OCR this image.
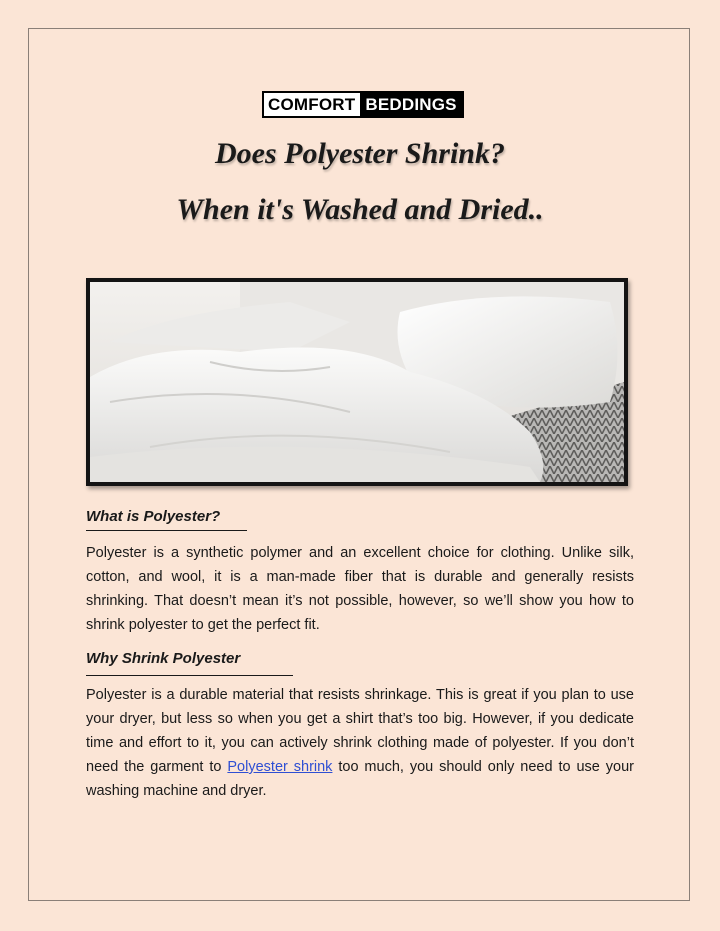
COMFORT BEDDINGS
Does Polyester Shrink?
When it's Washed and Dried..
What is Polyester?
Polyester is a synthetic polymer and an excellent choice for clothing. Unlike silk, cotton, and wool, it is a man-made fiber that is durable and generally resists shrinking. That doesn’t mean it’s not possible, however, so we’ll show you how to shrink polyester to get the perfect fit.
Why Shrink Polyester
Polyester is a durable material that resists shrinkage. This is great if you plan to use your dryer, but less so when you get a shirt that’s too big. However, if you dedicate time and effort to it, you can actively shrink clothing made of polyester. If you don’t need the garment to Polyester shrink too much, you should only need to use your washing machine and dryer.
